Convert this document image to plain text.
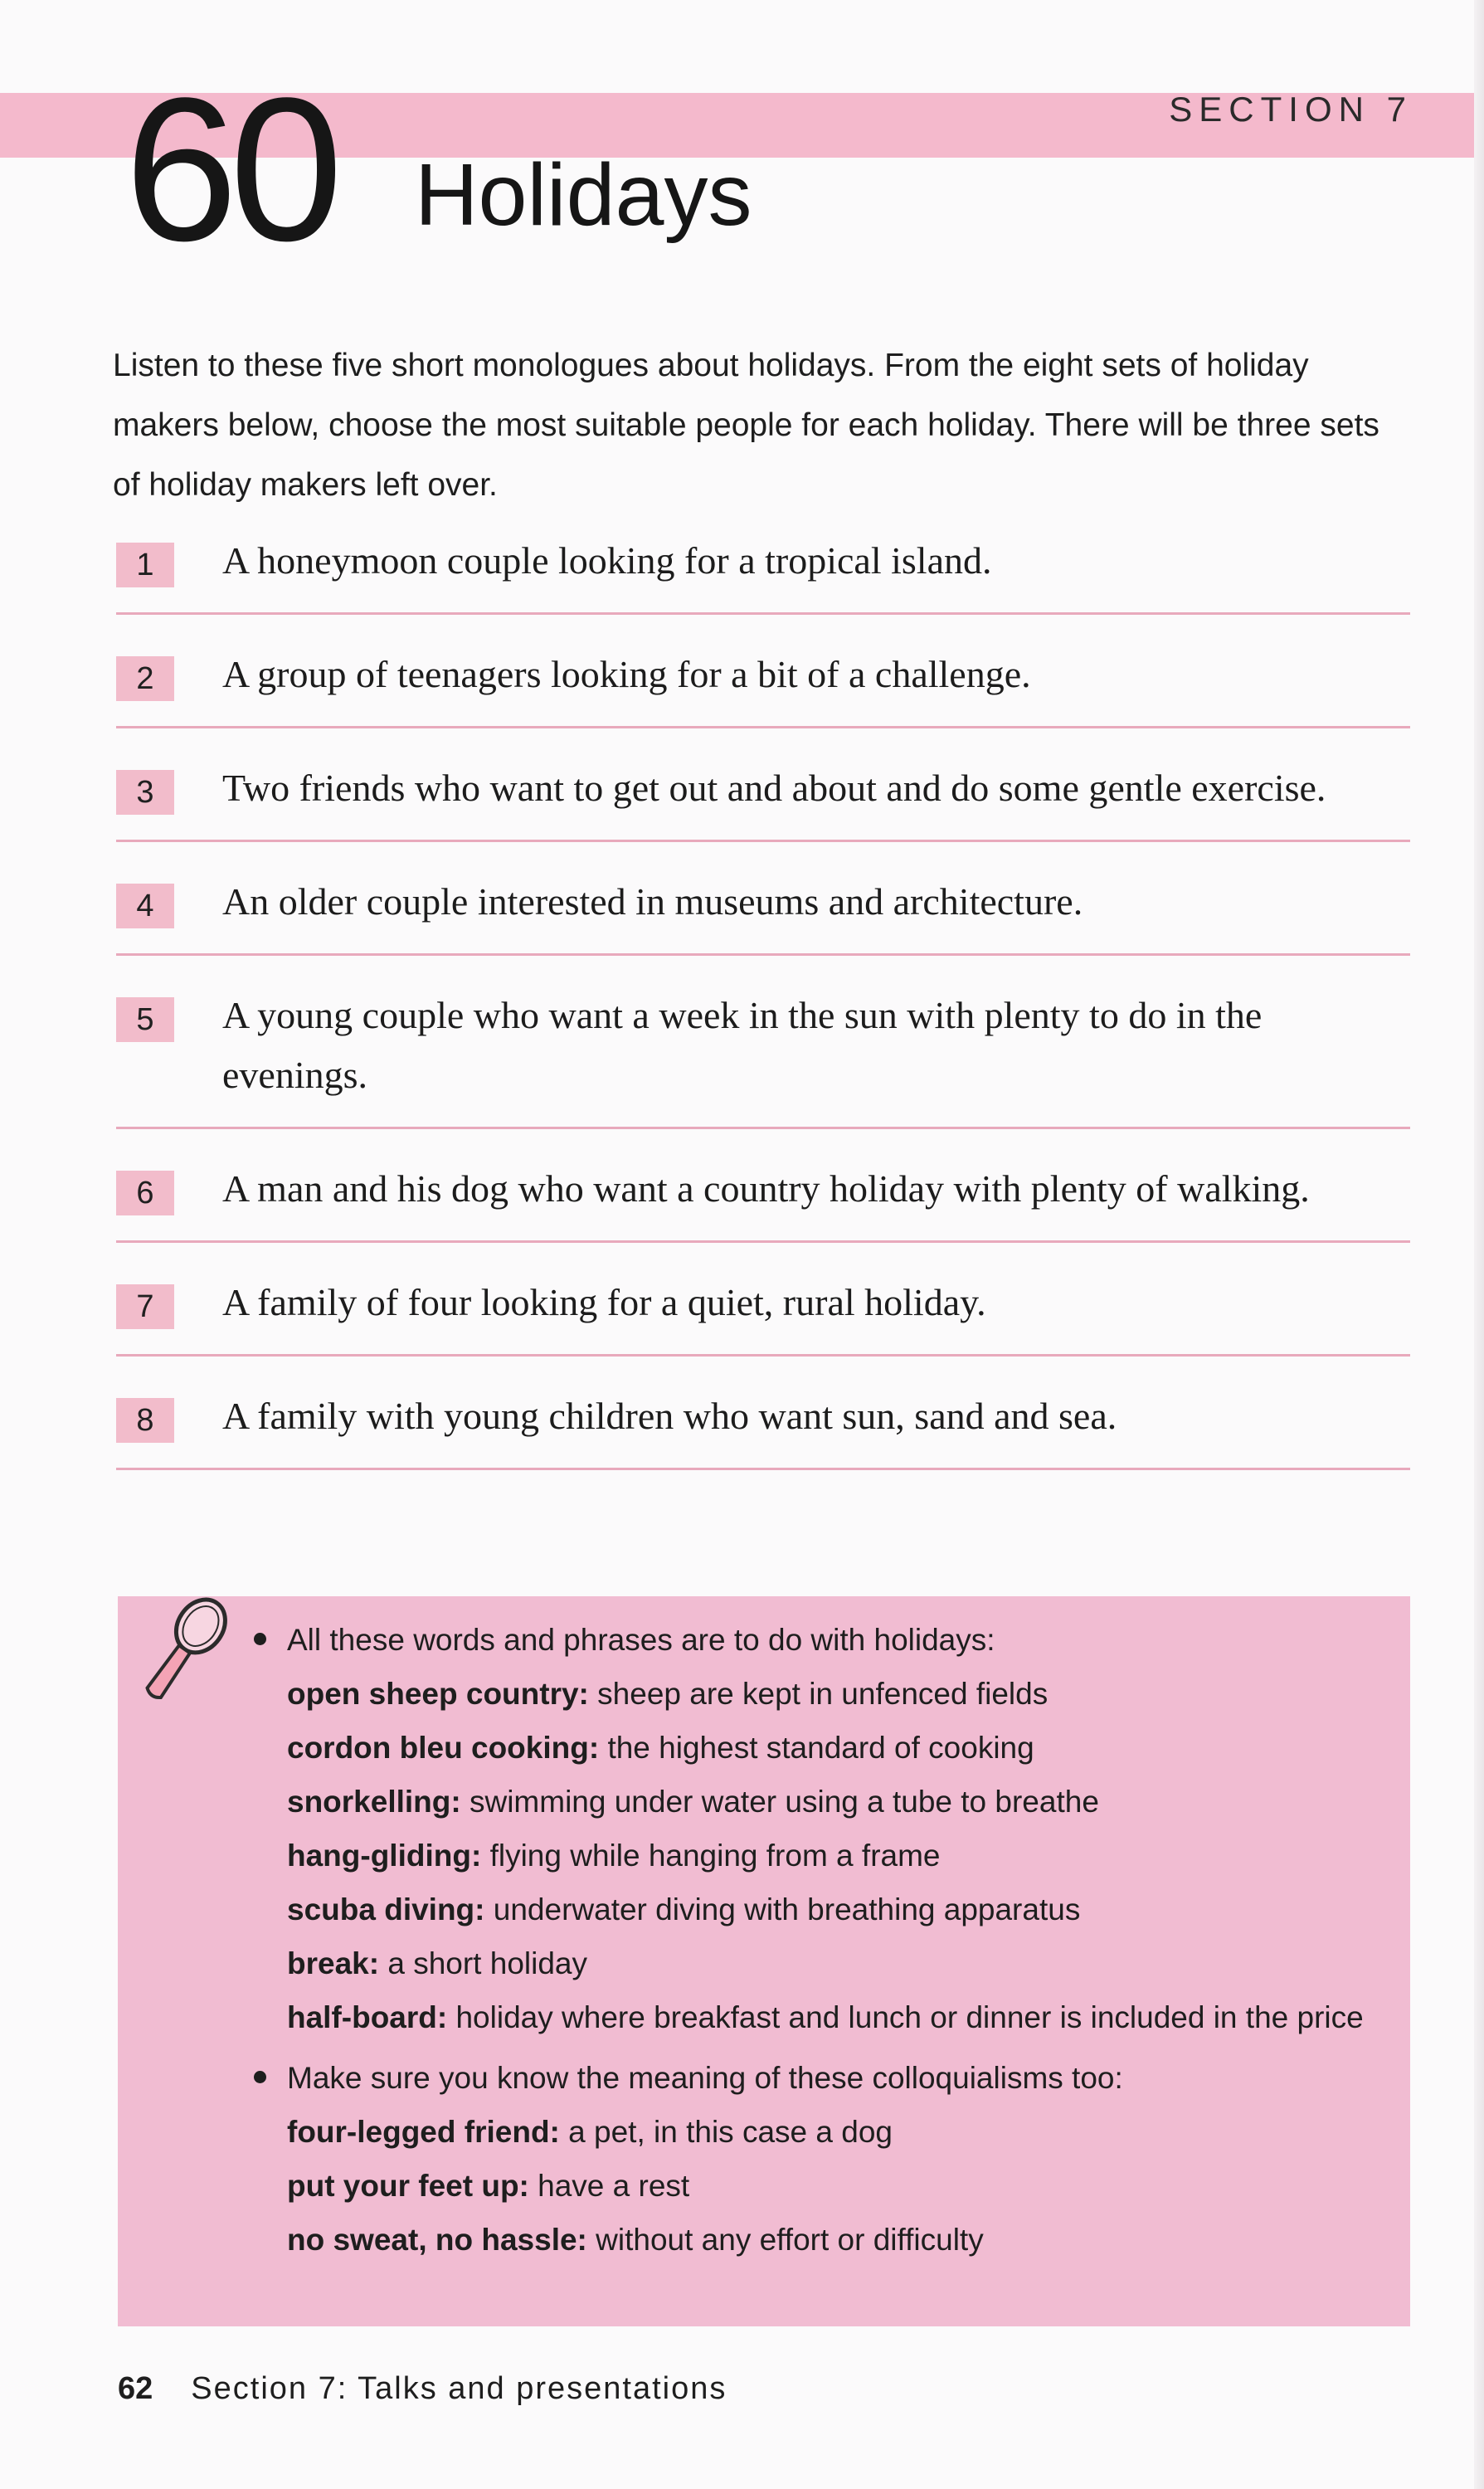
SECTION 7
60 Holidays

Listen to these five short monologues about holidays. From the eight sets of holiday makers below, choose the most suitable people for each holiday. There will be three sets of holiday makers left over.

1	A honeymoon couple looking for a tropical island.
2	A group of teenagers looking for a bit of a challenge.
3	Two friends who want to get out and about and do some gentle exercise.
4	An older couple interested in museums and architecture.
5	A young couple who want a week in the sun with plenty to do in the evenings.
6	A man and his dog who want a country holiday with plenty of walking.
7	A family of four looking for a quiet, rural holiday.
8	A family with young children who want sun, sand and sea.
All these words and phrases are to do with holidays:
open sheep country: sheep are kept in unfenced fields
cordon bleu cooking: the highest standard of cooking
snorkelling: swimming under water using a tube to breathe
hang-gliding: flying while hanging from a frame
scuba diving: underwater diving with breathing apparatus
break: a short holiday
half-board: holiday where breakfast and lunch or dinner is included in the price
Make sure you know the meaning of these colloquialisms too:
four-legged friend: a pet, in this case a dog
put your feet up: have a rest
no sweat, no hassle: without any effort or difficulty
62 Section 7: Talks and presentations
